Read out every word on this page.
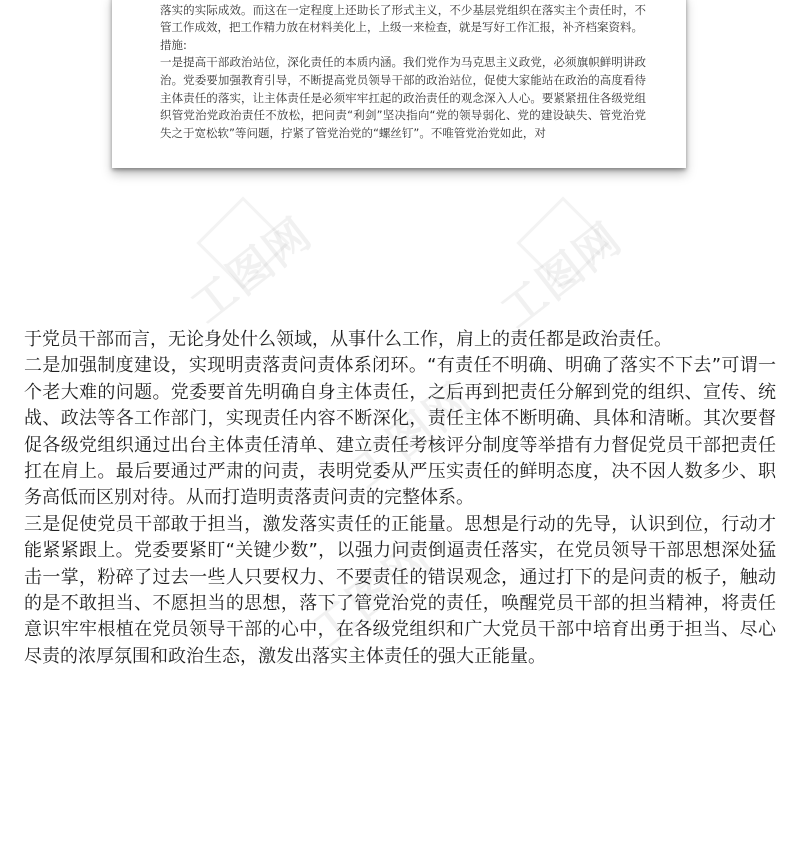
落实的实际成效。而这在一定程度上还助长了形式主义，不少基层党组织在落实主个责任时，不管工作成效，把工作精力放在材料美化上，上级一来检查，就是写好工作汇报，补齐档案资料。

措施:

一是提高干部政治站位，深化责任的本质内涵。我们党作为马克思主义政党，必须旗帜鲜明讲政治。党委要加强教育引导，不断提高党员领导干部的政治站位，促使大家能站在政治的高度看待主体责任的落实，让主体责任是必须牢牢扛起的政治责任的观念深入人心。要紧紧扭住各级党组织管党治党政治责任不放松，把问责“利剑”坚决指向“党的领导弱化、党的建设缺失、管党治党失之于宽松软”等问题，拧紧了管党治党的“螺丝钉”。不唯管党治党如此，对

工图网	工图网
工图网
工图网

于党员干部而言，无论身处什么领域，从事什么工作，肩上的责任都是政治责任。

二是加强制度建设，实现明责落责问责体系闭环。“有责任不明确、明确了落实不下去”可谓一个老大难的问题。党委要首先明确自身主体责任，之后再到把责任分解到党的组织、宣传、统战、政法等各工作部门，实现责任内容不断深化，责任主体不断明确、具体和清晰。其次要督促各级党组织通过出台主体责任清单、建立责任考核评分制度等举措有力督促党员干部把责任扛在肩上。最后要通过严肃的问责，表明党委从严压实责任的鲜明态度，决不因人数多少、职务高低而区别对待。从而打造明责落责问责的完整体系。

三是促使党员干部敢于担当，激发落实责任的正能量。思想是行动的先导，认识到位，行动才能紧紧跟上。党委要紧盯“关键少数”，以强力问责倒逼责任落实，在党员领导干部思想深处猛击一掌，粉碎了过去一些人只要权力、不要责任的错误观念，通过打下的是问责的板子，触动的是不敢担当、不愿担当的思想，落下了管党治党的责任，唤醒党员干部的担当精神，将责任意识牢牢根植在党员领导干部的心中，在各级党组织和广大党员干部中培育出勇于担当、尽心尽责的浓厚氛围和政治生态，激发出落实主体责任的强大正能量。
